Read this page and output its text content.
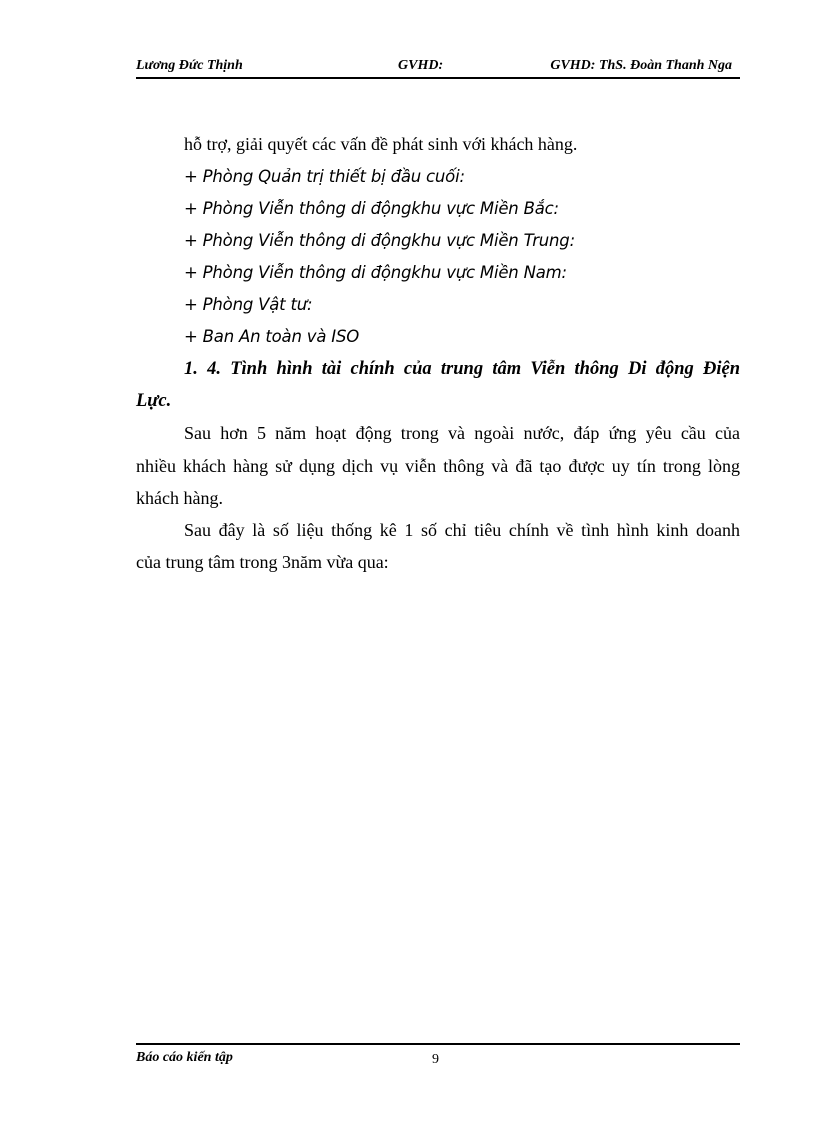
Lương Đức Thịnh	GVHD:	GVHD: ThS. Đoàn Thanh Nga
hỗ trợ, giải quyết các vấn đề phát sinh với khách hàng.
+ Phòng Quản trị thiết bị đầu cuối:
+ Phòng Viễn thông di độngkhu vực Miền Bắc:
+ Phòng Viễn thông di độngkhu vực Miền Trung:
+ Phòng Viễn thông di độngkhu vực Miền Nam:
+ Phòng Vật tư:
+ Ban An toàn và ISO
1. 4. Tình hình tài chính của trung tâm Viễn thông Di động Điện
Lực.
Sau hơn 5 năm hoạt động trong và ngoài nước, đáp ứng yêu cầu của
nhiều khách hàng sử dụng dịch vụ viễn thông và đã tạo được uy tín trong lòng
khách hàng.
Sau đây là số liệu thống kê 1 số chỉ tiêu chính về tình hình kinh doanh
của trung tâm trong 3năm vừa qua:
Báo cáo kiến tập	9
